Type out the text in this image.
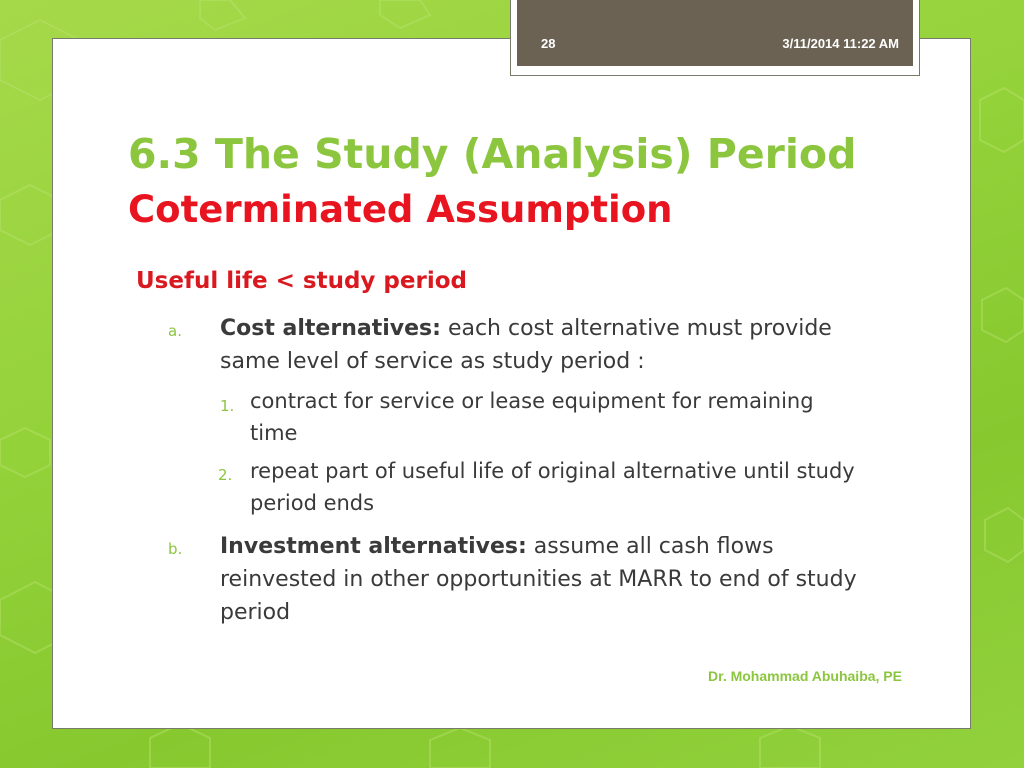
28	3/11/2014 11:22 AM
6.3 The Study (Analysis) Period
Coterminated Assumption
Useful life < study period
a. Cost alternatives: each cost alternative must provide same level of service as study period :
1. contract for service or lease equipment for remaining time
2. repeat part of useful life of original alternative until study period ends
b. Investment alternatives: assume all cash flows reinvested in other opportunities at MARR to end of study period
Dr. Mohammad Abuhaiba, PE
